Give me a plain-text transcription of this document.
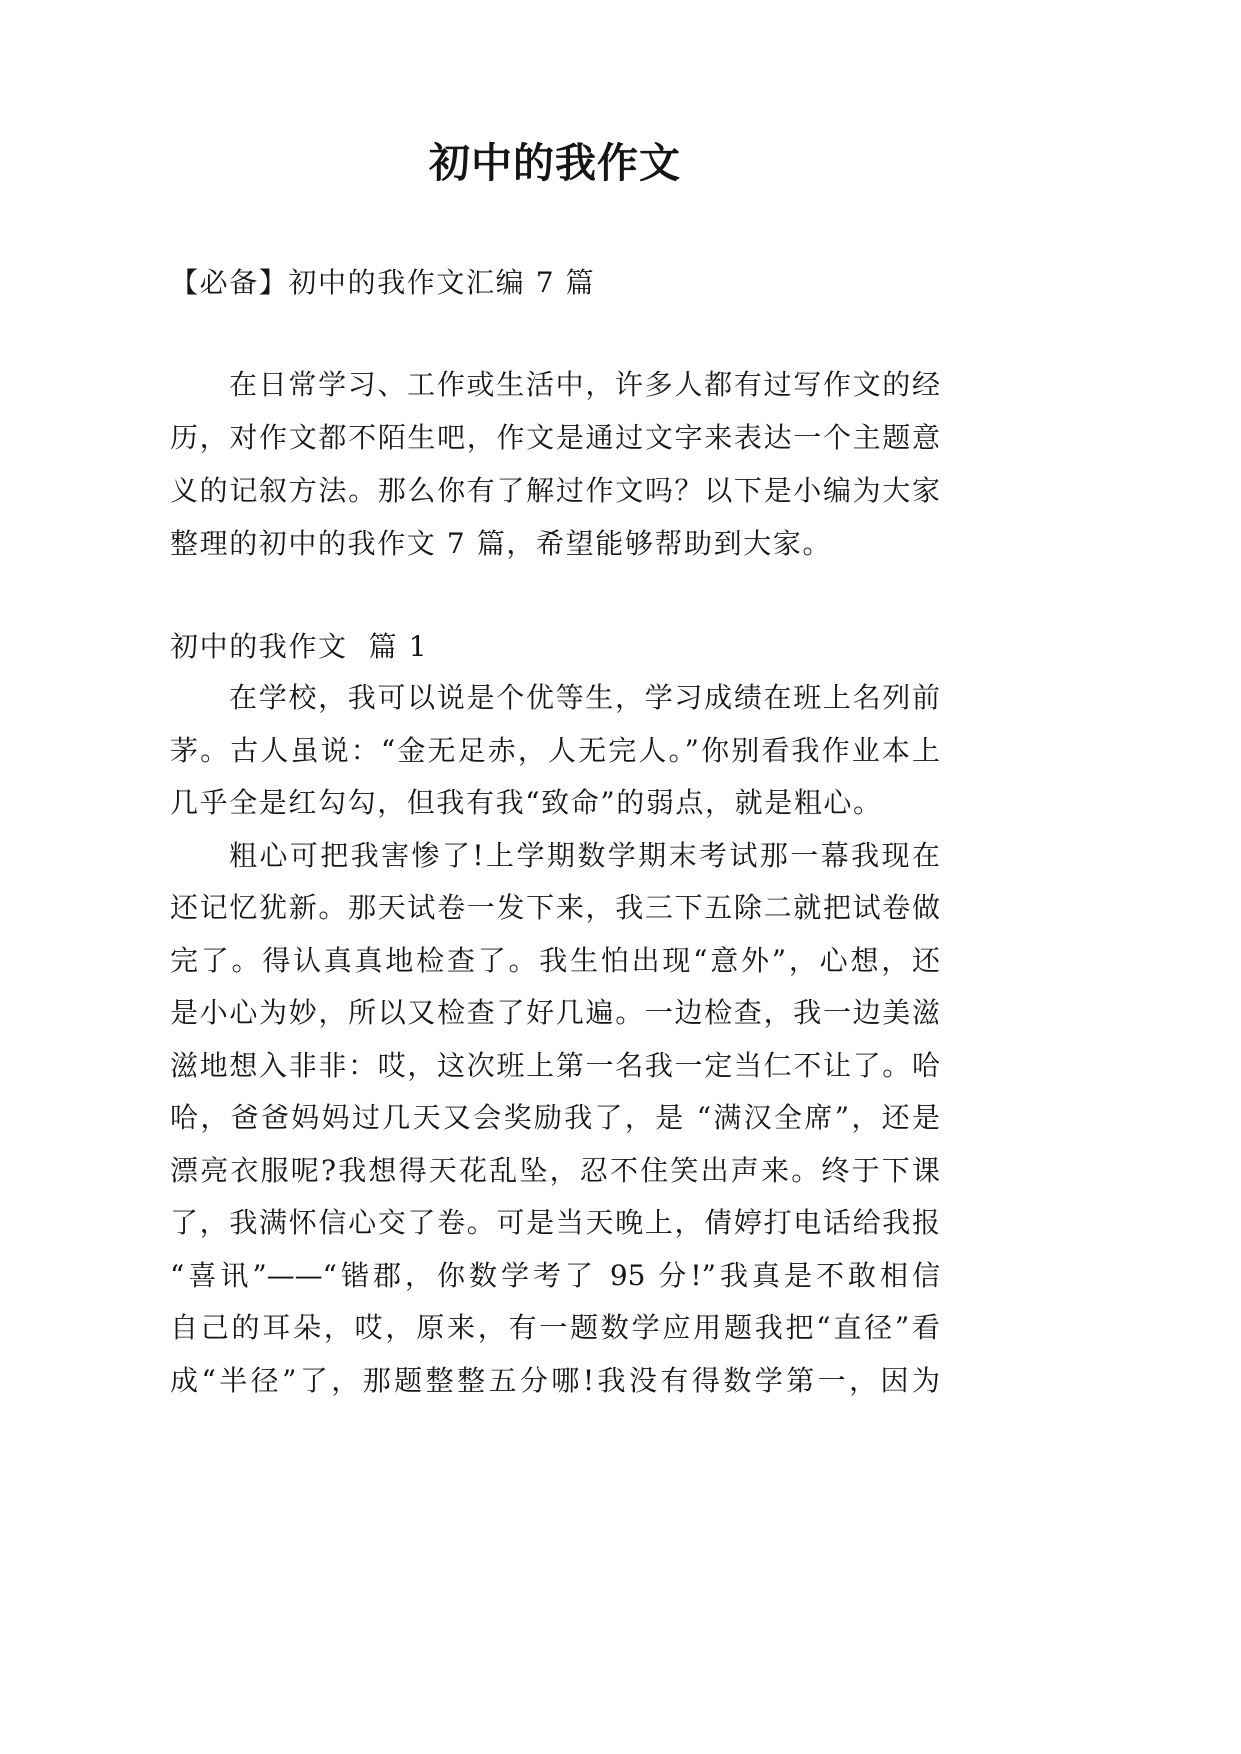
初中的我作文
【必备】初中的我作文汇编 7 篇
在日常学习、工作或生活中，许多人都有过写作文的经
历，对作文都不陌生吧，作文是通过文字来表达一个主题意
义的记叙方法。那么你有了解过作文吗？以下是小编为大家
整理的初中的我作文 7 篇，希望能够帮助到大家。
初中的我作文  篇 1
在学校，我可以说是个优等生，学习成绩在班上名列前
茅。古人虽说：“金无足赤，人无完人。”你别看我作业本上
几乎全是红勾勾，但我有我“致命”的弱点，就是粗心。
粗心可把我害惨了!上学期数学期末考试那一幕我现在
还记忆犹新。那天试卷一发下来，我三下五除二就把试卷做
完了。得认真真地检查了。我生怕出现“意外”，心想，还
是小心为妙，所以又检查了好几遍。一边检查，我一边美滋
滋地想入非非：哎，这次班上第一名我一定当仁不让了。哈
哈，爸爸妈妈过几天又会奖励我了，是 “满汉全席”，还是
漂亮衣服呢?我想得天花乱坠，忍不住笑出声来。终于下课
了，我满怀信心交了卷。可是当天晚上，倩婷打电话给我报
“喜讯”——“锴郡，你数学考了 95 分!”我真是不敢相信
自己的耳朵，哎，原来，有一题数学应用题我把“直径”看
成“半径”了，那题整整五分哪!我没有得数学第一，因为
